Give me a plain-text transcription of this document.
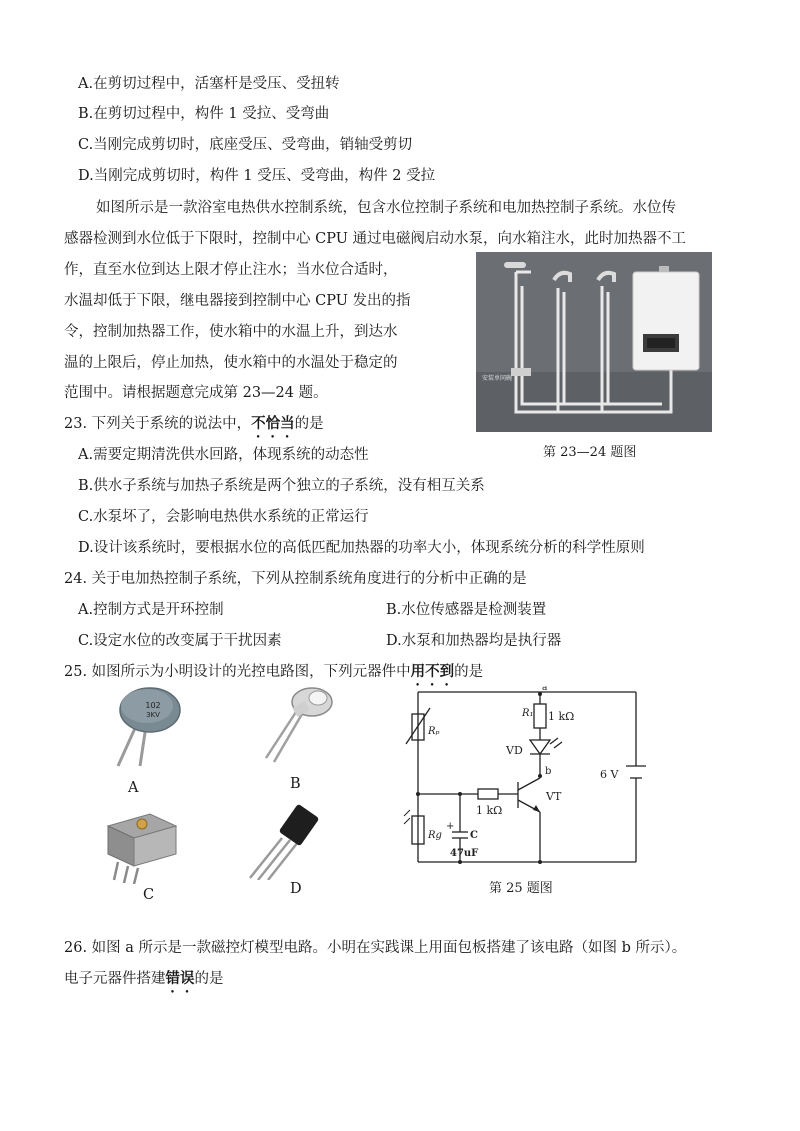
A.在剪切过程中，活塞杆是受压、受扭转
B.在剪切过程中，构件 1 受拉、受弯曲
C.当刚完成剪切时，底座受压、受弯曲，销轴受剪切
D.当刚完成剪切时，构件 1 受压、受弯曲，构件 2 受拉
如图所示是一款浴室电热供水控制系统，包含水位控制子系统和电加热控制子系统。水位传
感器检测到水位低于下限时，控制中心 CPU 通过电磁阀启动水泵，向水箱注水，此时加热器不工
作，直至水位到达上限才停止注水；当水位合适时，
水温却低于下限，继电器接到控制中心 CPU 发出的指
令，控制加热器工作，使水箱中的水温上升，到达水
温的上限后，停止加热，使水箱中的水温处于稳定的
范围中。请根据题意完成第 23—24 题。
安装单同碗
第 23—24 题图
23. 下列关于系统的说法中，不恰当的是
A.需要定期清洗供水回路，体现系统的动态性
B.供水子系统与加热子系统是两个独立的子系统，没有相互关系
C.水泵坏了，会影响电热供水系统的正常运行
D.设计该系统时，要根据水位的高低匹配加热器的功率大小，体现系统分析的科学性原则
24. 关于电加热控制子系统，下列从控制系统角度进行的分析中正确的是
A.控制方式是开环控制	B.水位传感器是检测装置
C.设定水位的改变属于干扰因素	D.水泵和加热器均是执行器
25. 如图所示为小明设计的光控电路图，下列元器件中用不到的是
102
3KV
A	B
C	D
R₁ 1 kΩ
Rₚ
VD
1 kΩ
VT
Rg	C
47uF
+
6 V
a
b
第 25 题图
26. 如图 a 所示是一款磁控灯模型电路。小明在实践课上用面包板搭建了该电路（如图 b 所示）。
电子元器件搭建错误的是
